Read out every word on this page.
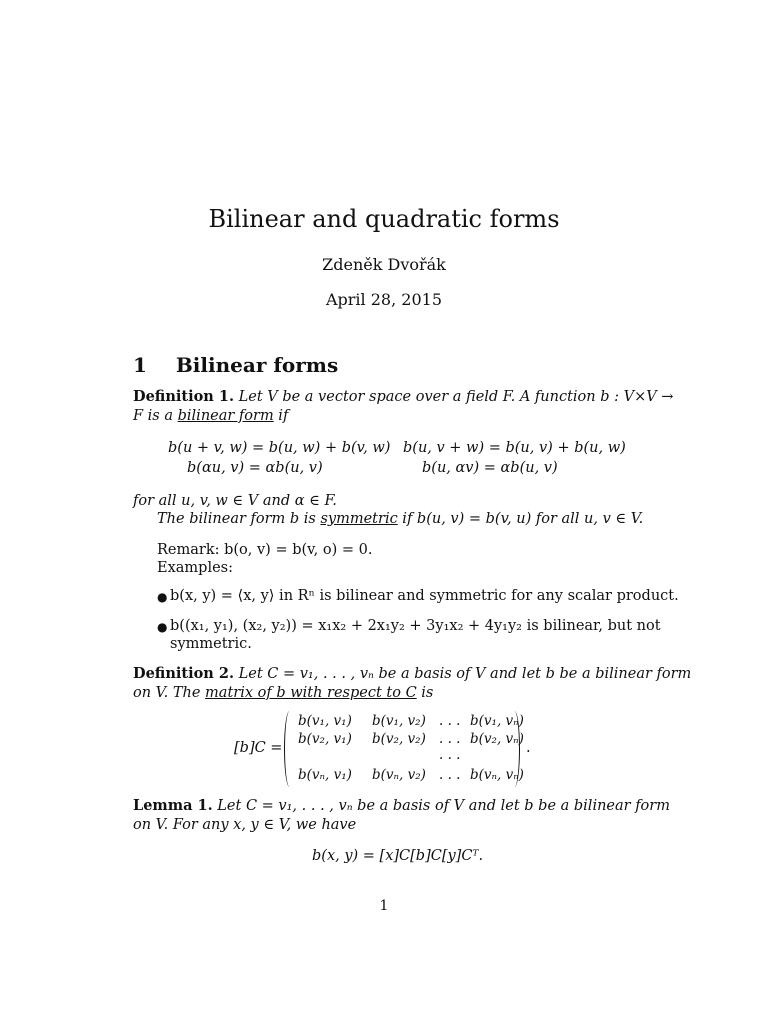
Bilinear and quadratic forms
Zdeněk Dvořák
April 28, 2015
1 Bilinear forms
Definition 1. Let V be a vector space over a field F. A function b : V×V →
F is a bilinear form if
b(u + v, w) = b(u, w) + b(v, w)
b(αu, v) = αb(u, v)
b(u, v + w) = b(u, v) + b(u, w)
b(u, αv) = αb(u, v)
for all u, v, w ∈ V and α ∈ F.
The bilinear form b is symmetric if b(u, v) = b(v, u) for all u, v ∈ V.
Remark: b(o, v) = b(v, o) = 0.
Examples:
● b(x, y) = ⟨x, y⟩ in Rⁿ is bilinear and symmetric for any scalar product.
● b((x₁, y₁), (x₂, y₂)) = x₁x₂ + 2x₁y₂ + 3y₁x₂ + 4y₁y₂ is bilinear, but not
symmetric.
Definition 2. Let C = v₁, . . . , vₙ be a basis of V and let b be a bilinear form
on V. The matrix of b with respect to C is
[b]C =
b(v₁, v₁) b(v₁, v₂) . . . b(v₁, vₙ)
b(v₂, v₁) b(v₂, v₂) . . . b(v₂, vₙ)
. . .
b(vₙ, v₁) b(vₙ, v₂) . . . b(vₙ, vₙ)
.
Lemma 1. Let C = v₁, . . . , vₙ be a basis of V and let b be a bilinear form
on V. For any x, y ∈ V, we have
b(x, y) = [x]C[b]C[y]Cᵀ.
1
